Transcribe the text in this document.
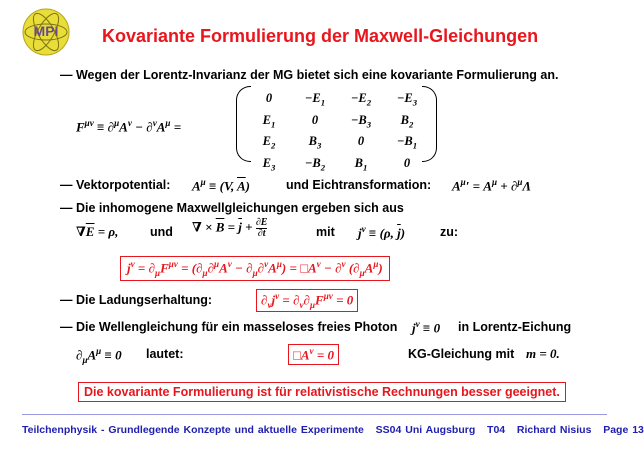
MPI	Kovariante Formulierung der Maxwell-Gleichungen
— Wegen der Lorentz-Invarianz der MG bietet sich eine kovariante Formulierung an.
$F^{\mu\nu} \equiv \partial^\mu A^\nu - \partial^\nu A^\mu$ =
0	$-E_1$	$-E_2$	$-E_3$
$E_1$	0	$-B_3$	$B_2$
$E_2$	$B_3$	0	$-B_1$
$E_3$	$-B_2$	$B_1$	0
— Vektorpotential: $A^\mu \equiv (V$, $\overline{A}$)	und Eichtransformation: $A^\mu' = A^\mu + \partial^\mu\Lambda$
— Die inhomogene Maxwellgleichungen ergeben sich aus
$\nabla\overline{E} = \rho$,	und ∇ × $\overline{B} = \overline{j} + \frac{\partial E}{\partial t}$	mit $j^\nu \equiv (\rho$, $\overline{j}$)	zu:
$j^\nu = \partial_\mu F^{\mu\nu} = (\partial_\mu\partial^\mu A^\nu - \partial_\mu\partial^\nu A^\mu)$ = $□A^\nu - \partial^\nu$ $(\partial_\mu A^\mu)$
— Die Ladungserhaltung:	$\partial_\nu j^\nu = \partial_\nu\partial_\mu F^{\mu\nu} = 0$
— Die Wellengleichung für ein masseloses freies Photon $j^\nu \equiv 0$ in Lorentz-Eichung
$\partial_\mu A^\mu \equiv 0$ lautet:	$□A^\nu = 0$	KG-Gleichung mit m = 0.
Die kovariante Formulierung ist für relativistische Rechnungen besser geeignet.
Teilchenphysik - Grundlegende Konzepte und aktuelle Experimente SS04 Uni Augsburg T04 Richard Nisius Page 13
